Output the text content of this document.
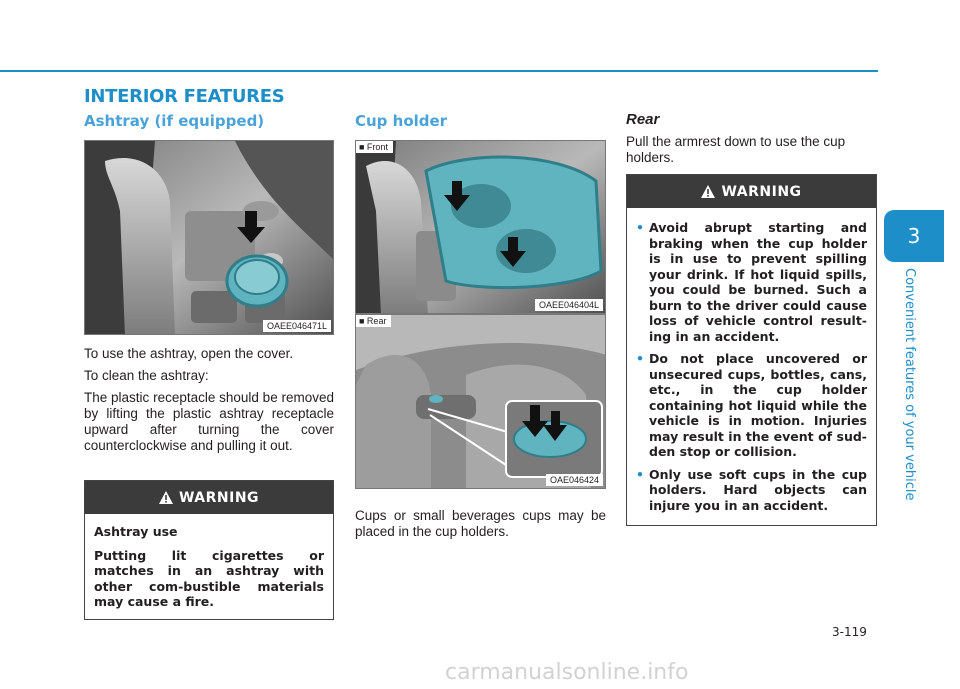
INTERIOR FEATURES
Ashtray (if equipped)
OAEE046471L

To use the ashtray, open the cover.

To clean the ashtray:

The plastic receptacle should be removed by lifting the plastic ashtray receptacle upward after turning the cover counterclockwise and pulling it out.

WARNING

Ashtray use

Putting lit cigarettes or matches in an ashtray with other com-bustible materials may cause a fire.

Cup holder
■ Front
OAEE046404L
■ Rear
OAE046424
Cups or small beverages cups may be placed in the cup holders.
Rear
Pull the armrest down to use the cup holders.
WARNING
• Avoid abrupt starting and braking when the cup holder is in use to prevent spilling your drink. If hot liquid spills, you could be burned. Such a burn to the driver could cause loss of vehicle control result-ing in an accident.
• Do not place uncovered or unsecured cups, bottles, cans, etc., in the cup holder containing hot liquid while the vehicle is in motion. Injuries may result in the event of sud-den stop or collision.
• Only use soft cups in the cup holders. Hard objects can injure you in an accident.
3
Convenient features of your vehicle
3-119
carmanualsonline.info
